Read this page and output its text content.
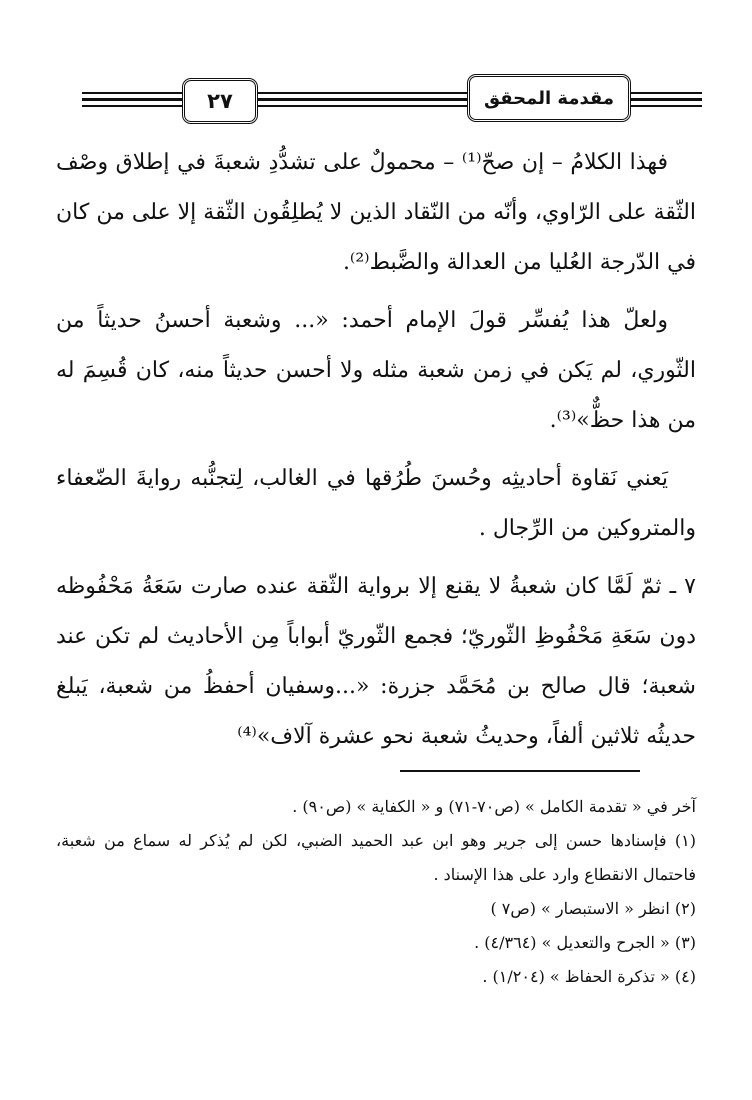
٢٧	مقدمة المحقق

فهذا الكلامُ – إن صحّ⁽¹⁾ – محمولٌ على تشدُّدِ شعبةَ في إطلاق وصْف الثّقة على الرّاوي، وأنّه من النّقاد الذين لا يُطلِقُون الثّقة إلا على من كان في الدّرجة العُليا من العدالة والضَّبط⁽²⁾.

ولعلّ هذا يُفسِّر قولَ الإمام أحمد: «... وشعبة أحسنُ حديثاً من الثّوري، لم يَكن في زمن شعبة مثله ولا أحسن حديثاً منه، كان قُسِمَ له من هذا حظٌّ»⁽³⁾.

يَعني نَقاوة أحاديثِه وحُسنَ طُرُقها في الغالب، لِتجنُّبه روايةَ الضّعفاء والمتروكين من الرِّجال .

٧ ـ ثمّ لَمَّا كان شعبةُ لا يقنع إلا برواية الثّقة عنده صارت سَعَةُ مَحْفُوظه دون سَعَةِ مَحْفُوظِ الثّوريّ؛ فجمع الثّوريّ أبواباً مِن الأحاديث لم تكن عند شعبة؛ قال صالح بن مُحَمَّد جزرة: «...وسفيان أحفظُ من شعبة، يَبلغ حديثُه ثلاثين ألفاً، وحديثُ شعبة نحو عشرة آلاف»⁽⁴⁾

آخر في « تقدمة الكامل » (ص٧٠-٧١) و « الكفاية » (ص٩٠) .

(١) فإسنادها حسن إلى جرير وهو ابن عبد الحميد الضبي، لكن لم يُذكر له سماع من شعبة، فاحتمال الانقطاع وارد على هذا الإسناد .

(٢) انظر « الاستبصار » (ص٧ )

(٣) « الجرح والتعديل » (٤/٣٦٤) .

(٤) « تذكرة الحفاظ » (١/٢٠٤) .
